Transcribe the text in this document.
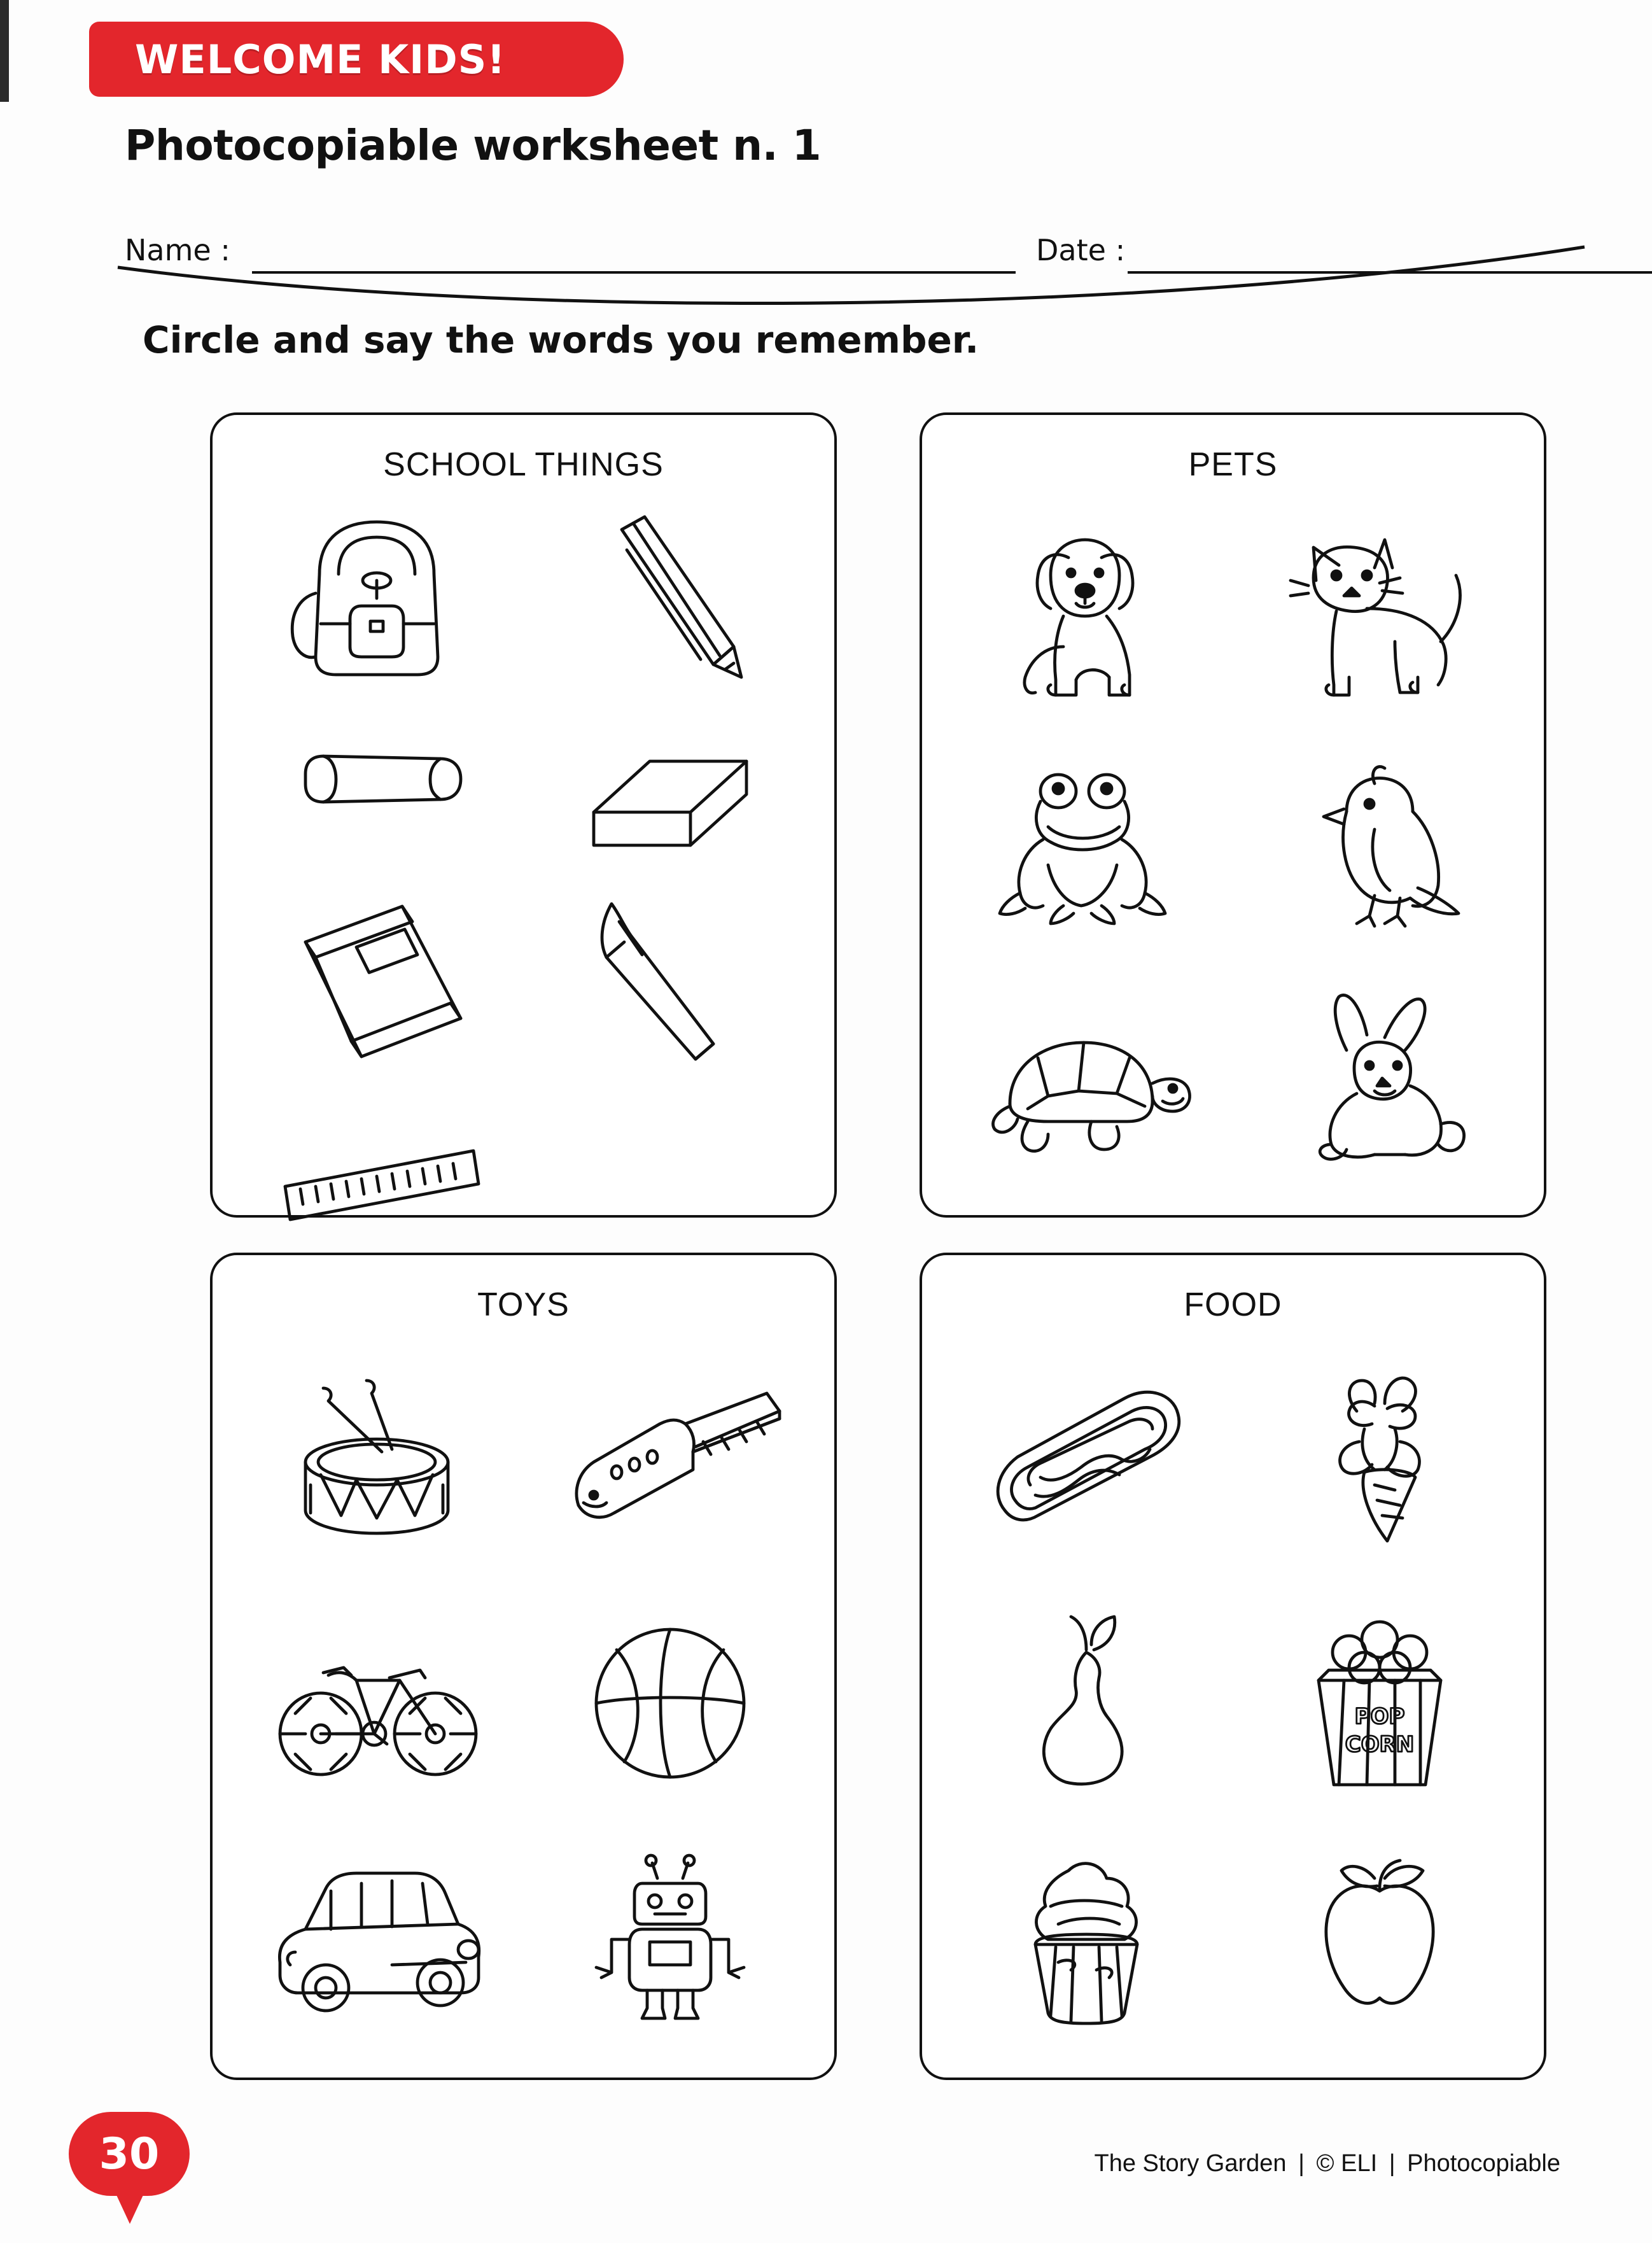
WELCOME KIDS!
Photocopiable worksheet n. 1
Name :	Date :
Circle and say the words you remember.
SCHOOL THINGS	PETS
TOYS	FOOD
POP
CORN
30	The Story Garden | © ELI | Photocopiable
